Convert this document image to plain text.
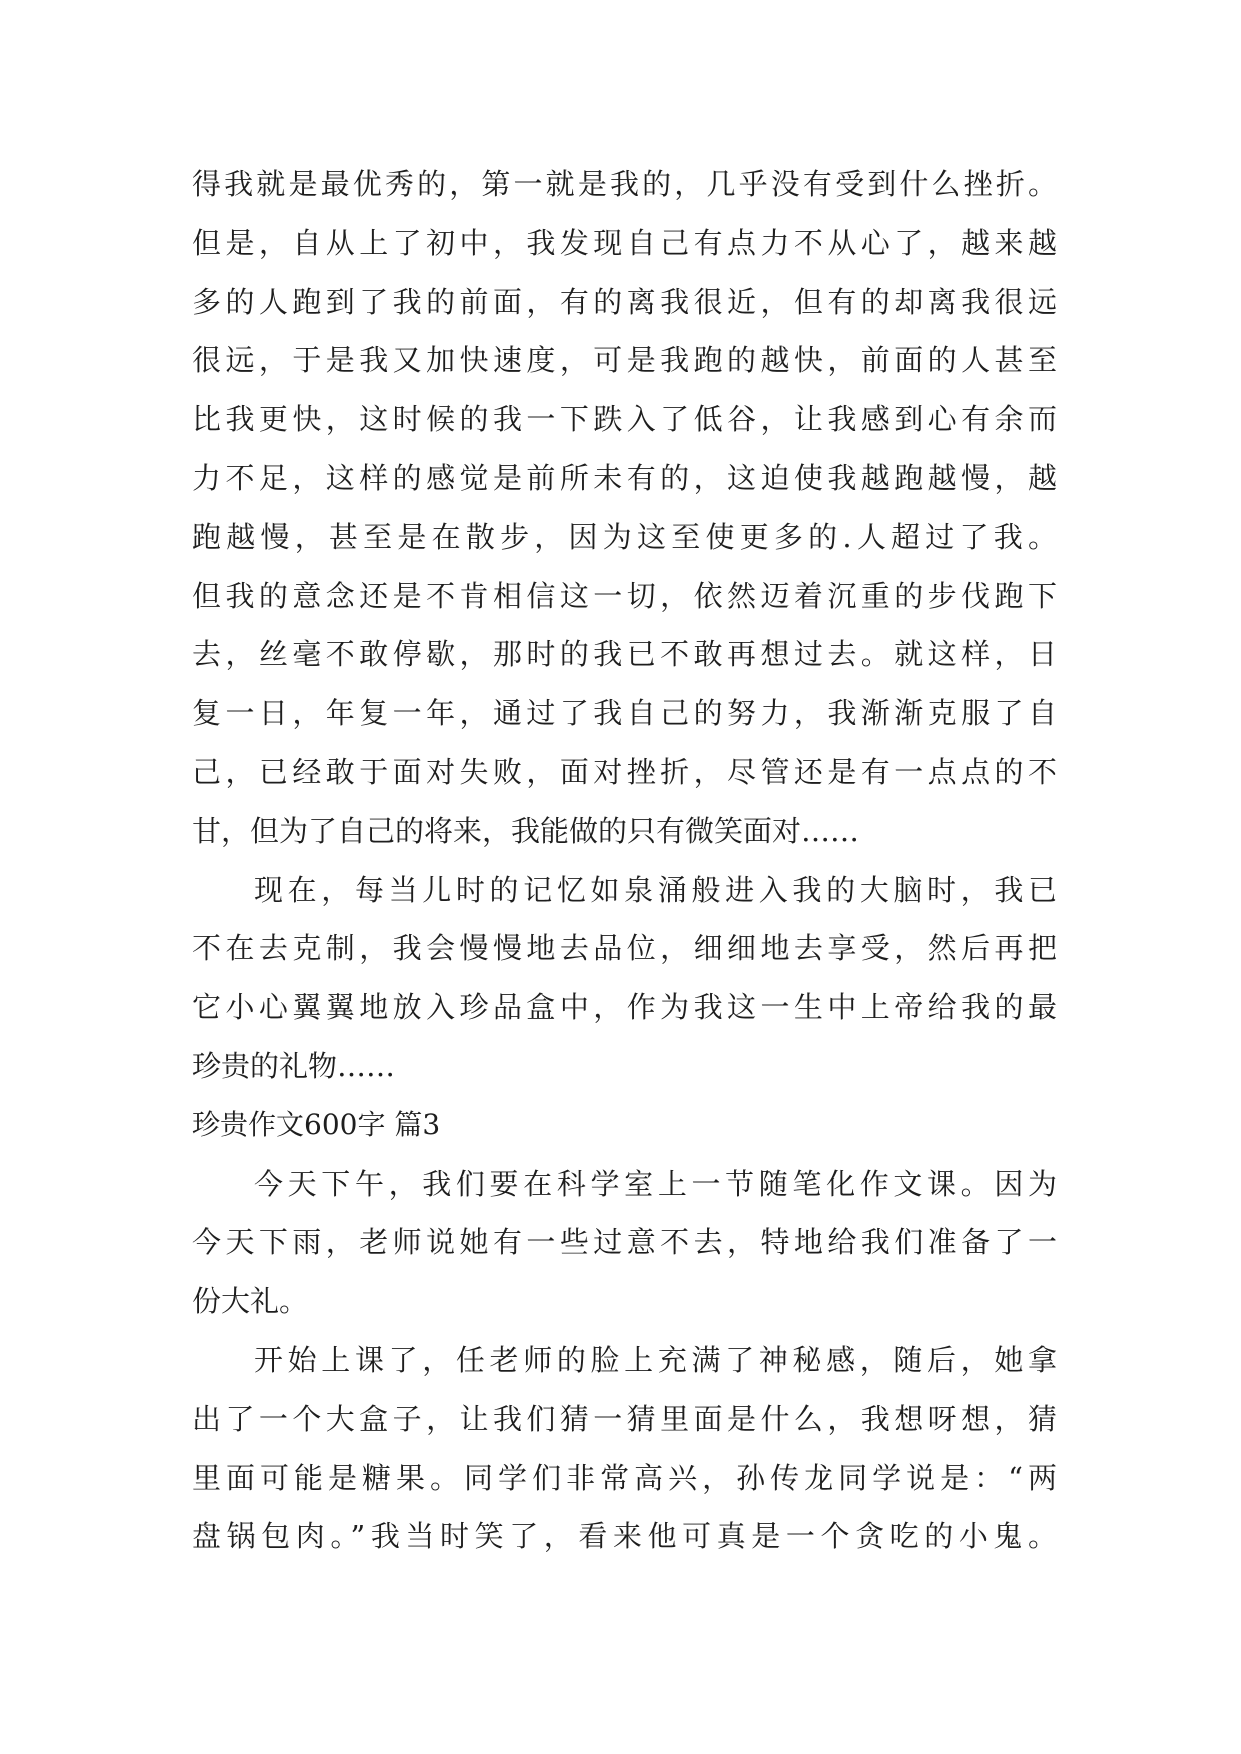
得我就是最优秀的，第一就是我的，几乎没有受到什么挫折。
但是，自从上了初中，我发现自己有点力不从心了，越来越
多的人跑到了我的前面，有的离我很近，但有的却离我很远
很远，于是我又加快速度，可是我跑的越快，前面的人甚至
比我更快，这时候的我一下跌入了低谷，让我感到心有余而
力不足，这样的感觉是前所未有的，这迫使我越跑越慢，越
跑越慢，甚至是在散步，因为这至使更多的.人超过了我。
但我的意念还是不肯相信这一切，依然迈着沉重的步伐跑下
去，丝毫不敢停歇，那时的我已不敢再想过去。就这样，日
复一日，年复一年，通过了我自己的努力，我渐渐克服了自
己，已经敢于面对失败，面对挫折，尽管还是有一点点的不
甘，但为了自己的将来，我能做的只有微笑面对……
现在，每当儿时的记忆如泉涌般进入我的大脑时，我已
不在去克制，我会慢慢地去品位，细细地去享受，然后再把
它小心翼翼地放入珍品盒中，作为我这一生中上帝给我的最
珍贵的礼物……
珍贵作文600字 篇3
今天下午，我们要在科学室上一节随笔化作文课。因为
今天下雨，老师说她有一些过意不去，特地给我们准备了一
份大礼。
开始上课了，任老师的脸上充满了神秘感，随后，她拿
出了一个大盒子，让我们猜一猜里面是什么，我想呀想，猜
里面可能是糖果。同学们非常高兴，孙传龙同学说是：“两
盘锅包肉。”我当时笑了，看来他可真是一个贪吃的小鬼。
